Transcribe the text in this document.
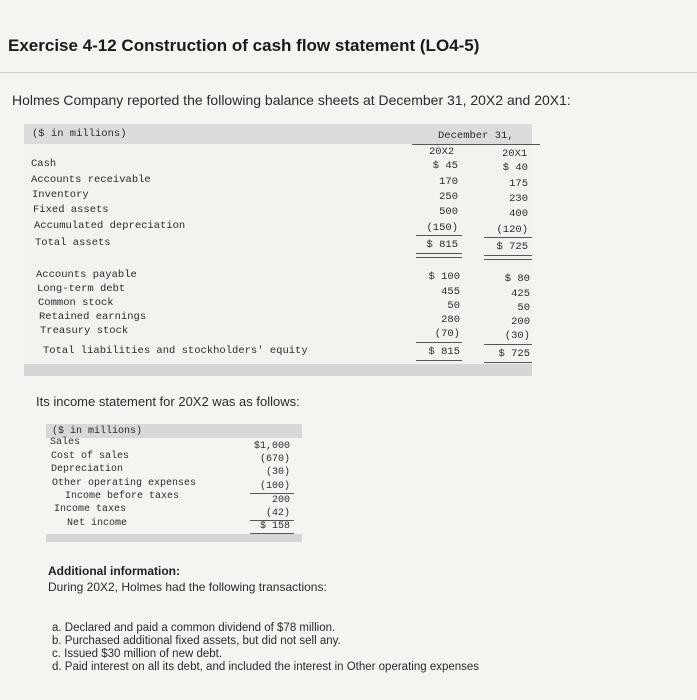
Exercise 4-12 Construction of cash flow statement (LO4-5)
Holmes Company reported the following balance sheets at December 31, 20X2 and 20X1:
($ in millions)	December 31,
20X2	20X1
Cash	$ 45	$ 40
Accounts receivable	170	175
Inventory	250	230
Fixed assets	500	400
Accumulated depreciation	(150)	(120)
Total assets	$ 815	$ 725
Accounts payable	$ 100	$ 80
Long-term debt	455	425
Common stock	50	50
Retained earnings	280	200
Treasury stock	(70)	(30)
Total liabilities and stockholders' equity	$ 815	$ 725
Its income statement for 20X2 was as follows:
($ in millions)
Sales	$1,000
Cost of sales	(670)
Depreciation	(30)
Other operating expenses	(100)
Income before taxes	200
Income taxes	(42)
Net income	$ 158
Additional information:
During 20X2, Holmes had the following transactions:
a. Declared and paid a common dividend of $78 million.
b. Purchased additional fixed assets, but did not sell any.
c. Issued $30 million of new debt.
d. Paid interest on all its debt, and included the interest in Other operating expenses
